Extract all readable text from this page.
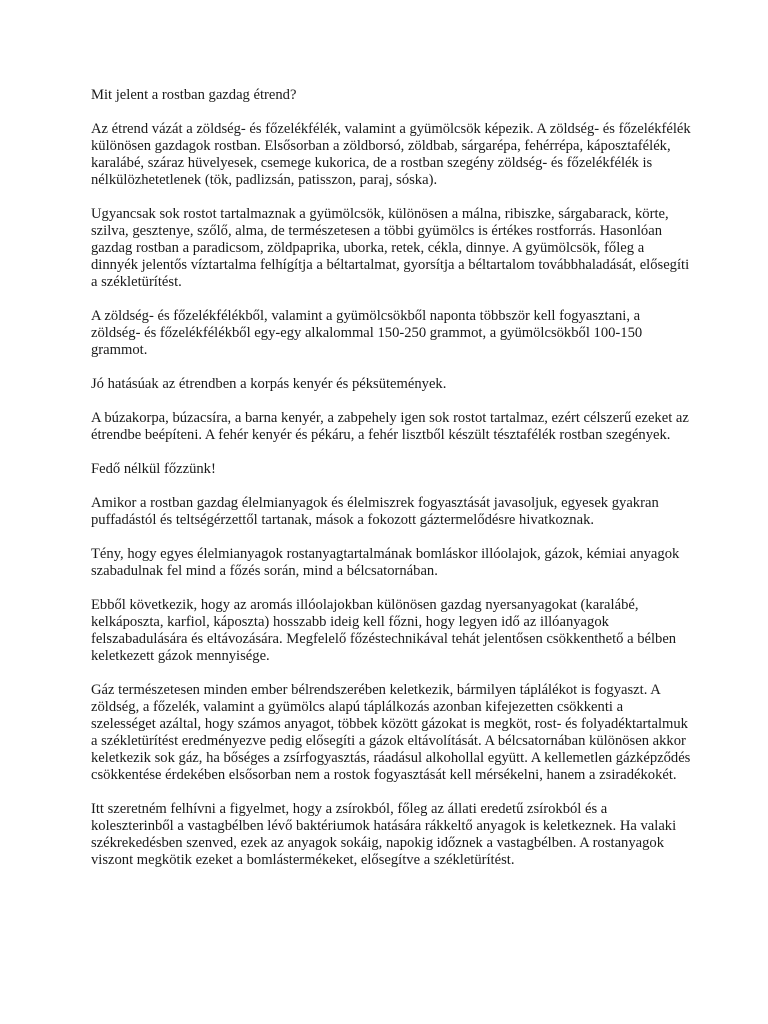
Mit jelent a rostban gazdag étrend?

Az étrend vázát a zöldség- és főzelékfélék, valamint a gyümölcsök képezik. A zöldség- és főzelékfélék különösen gazdagok rostban. Elsősorban a zöldborsó, zöldbab, sárgarépa, fehérrépa, káposztafélék, karalábé, száraz hüvelyesek, csemege kukorica, de a rostban szegény zöldség- és főzelékfélék is nélkülözhetetlenek (tök, padlizsán, patisszon, paraj, sóska).

Ugyancsak sok rostot tartalmaznak a gyümölcsök, különösen a málna, ribiszke, sárgabarack, körte, szilva, gesztenye, szőlő, alma, de természetesen a többi gyümölcs is értékes rostforrás. Hasonlóan gazdag rostban a paradicsom, zöldpaprika, uborka, retek, cékla, dinnye. A gyümölcsök, főleg a dinnyék jelentős víztartalma felhígítja a béltartalmat, gyorsítja a béltartalom továbbhaladását, elősegíti a székletürítést.

A zöldség- és főzelékfélékből, valamint a gyümölcsökből naponta többször kell fogyasztani, a zöldség- és főzelékfélékből egy-egy alkalommal 150-250 grammot, a gyümölcsökből 100-150 grammot.

Jó hatásúak az étrendben a korpás kenyér és péksütemények.

A búzakorpa, búzacsíra, a barna kenyér, a zabpehely igen sok rostot tartalmaz, ezért célszerű ezeket az étrendbe beépíteni. A fehér kenyér és pékáru, a fehér lisztből készült tésztafélék rostban szegények.

Fedő nélkül főzzünk!

Amikor a rostban gazdag élelmianyagok és élelmiszrek fogyasztását javasoljuk, egyesek gyakran puffadástól és teltségérzettől tartanak, mások a fokozott gáztermelődésre hivatkoznak.

Tény, hogy egyes élelmianyagok rostanyagtartalmának bomláskor illóolajok, gázok, kémiai anyagok szabadulnak fel mind a főzés során, mind a bélcsatornában.

Ebből következik, hogy az aromás illóolajokban különösen gazdag nyersanyagokat (karalábé, kelkáposzta, karfiol, káposzta) hosszabb ideig kell főzni, hogy legyen idő az illóanyagok felszabadulására és eltávozására. Megfelelő főzéstechnikával tehát jelentősen csökkenthető a bélben keletkezett gázok mennyisége.

Gáz természetesen minden ember bélrendszerében keletkezik, bármilyen táplálékot is fogyaszt. A zöldség, a főzelék, valamint a gyümölcs alapú táplálkozás azonban kifejezetten csökkenti a szelességet azáltal, hogy számos anyagot, többek között gázokat is megköt, rost- és folyadéktartalmuk a székletürítést eredményezve pedig elősegíti a gázok eltávolítását. A bélcsatornában különösen akkor keletkezik sok gáz, ha bőséges a zsírfogyasztás, ráadásul alkohollal együtt. A kellemetlen gázképződés csökkentése érdekében elsősorban nem a rostok fogyasztását kell mérsékelni, hanem a zsiradékokét.

Itt szeretném felhívni a figyelmet, hogy a zsírokból, főleg az állati eredetű zsírokból és a koleszterinből a vastagbélben lévő baktériumok hatására rákkeltő anyagok is keletkeznek. Ha valaki székrekedésben szenved, ezek az anyagok sokáig, napokig időznek a vastagbélben. A rostanyagok viszont megkötik ezeket a bomlástermékeket, elősegítve a székletürítést.
